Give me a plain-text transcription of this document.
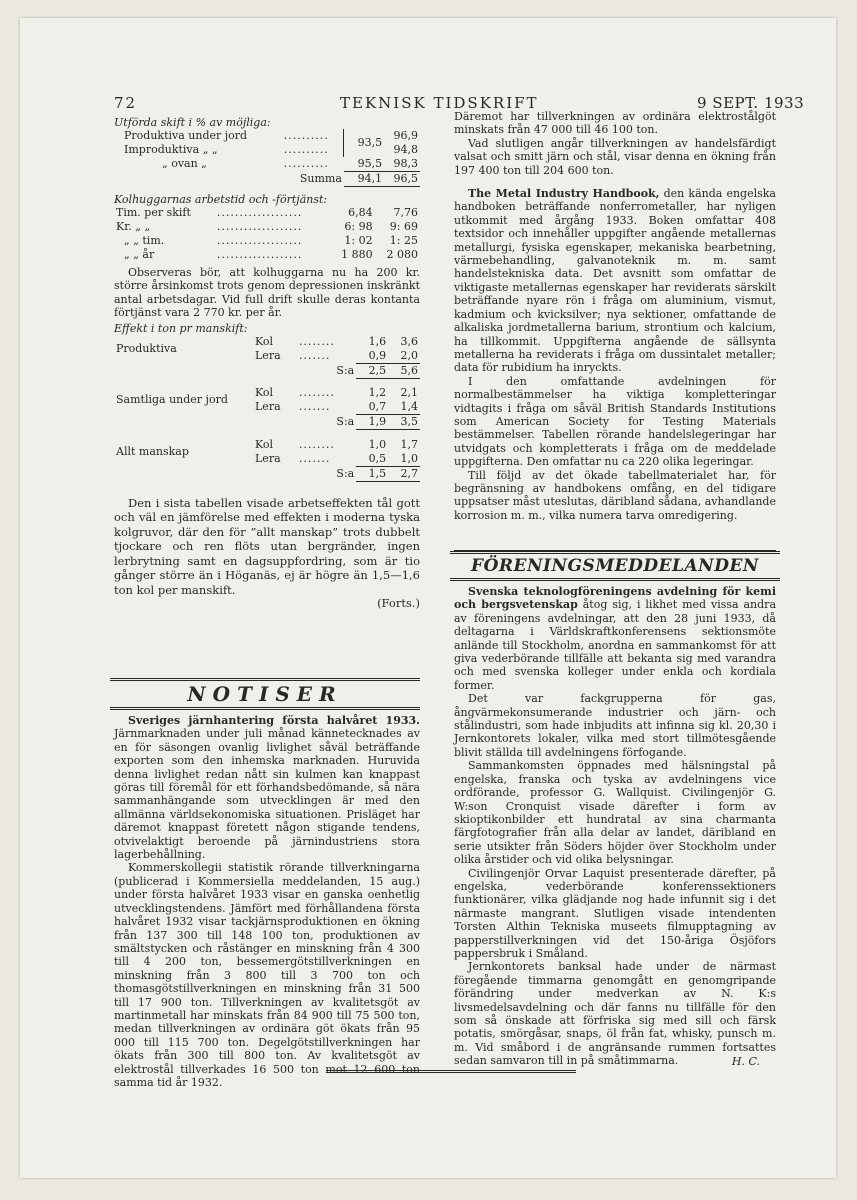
72	TEKNISK TIDSKRIFT	9 SEPT. 1933
Utförda skift i % av möjliga:
Produktiva under jord	..........	93,5	96,9
Improduktiva „ „	..........		94,8
„ ovan „	..........	95,5	98,3
	Summa	94,1	96,5
Kolhuggarnas arbetstid och -förtjänst:
Tim. per skift	...................	6,84	7,76
Kr. „ „	...................	6: 98	9: 69
„ „ tim.	...................	1: 02	1: 25
„ „ år	...................	1 880	2 080

Observeras bör, att kolhuggarna nu ha 200 kr. större årsinkomst trots genom depressionen inskränkt antal arbetsdagar. Vid full drift skulle deras kontanta förtjänst vara 2 770 kr. per år.

Effekt i ton pr manskift:
Produktiva	Kol	........	1,6	3,6
	Lera	.......	0,9	2,0
		S:a	2,5	5,6

Samtliga under jord	Kol	........	1,2	2,1
	Lera	.......	0,7	1,4
		S:a	1,9	3,5

Allt manskap	Kol	........	1,0	1,7
	Lera	.......	0,5	1,0
		S:a	1,5	2,7

Den i sista tabellen visade arbetseffekten tål gott och väl en jämförelse med effekten i moderna tyska kolgruvor, där den för ”allt manskap” trots dubbelt tjockare och ren flöts utan bergränder, ingen lerbrytning samt en dagsuppfordring, som är tio gånger större än i Höganäs, ej är högre än 1,5—1,6 ton kol per manskift.

(Forts.)
NOTISER

Sveriges järnhantering första halvåret 1933. Järnmarknaden under juli månad kännetecknades av en för säsongen ovanlig livlighet såväl beträffande exporten som den inhemska marknaden. Huruvida denna livlighet redan nått sin kulmen kan knappast göras till föremål för ett förhandsbedömande, så nära sammanhängande som utvecklingen är med den allmänna världsekonomiska situationen. Prisläget har däremot knappast företett någon stigande tendens, otvivelaktigt beroende på järnindustriens stora lagerbehållning.

Kommerskollegii statistik rörande tillverkningarna (publicerad i Kommersiella meddelanden, 15 aug.) under första halvåret 1933 visar en ganska oenhetlig utvecklingstendens. Jämfört med förhållandena första halvåret 1932 visar tackjärnsproduktionen en ökning från 137 300 till 148 100 ton, produktionen av smältstycken och råstänger en minskning från 4 300 till 4 200 ton, bessemergötstillverkningen en minskning från 3 800 till 3 700 ton och thomasgötstillverkningen en minskning från 31 500 till 17 900 ton. Tillverkningen av kvalitetsgöt av martinmetall har minskats från 84 900 till 75 500 ton, medan tillverkningen av ordinära göt ökats från 95 000 till 115 700 ton. Degelgötstillverkningen har ökats från 300 till 800 ton. Av kvalitetsgöt av elektrostål tillverkades 16 500 ton mot 12 600 ton samma tid år 1932.

Däremot har tillverkningen av ordinära elektrostålgöt minskats från 47 000 till 46 100 ton.

Vad slutligen angår tillverkningen av handelsfärdigt valsat och smitt järn och stål, visar denna en ökning från 197 400 ton till 204 600 ton.

The Metal Industry Handbook, den kända engelska handboken beträffande nonferrometaller, har nyligen utkommit med årgång 1933. Boken omfattar 408 textsidor och innehåller uppgifter angående metallernas metallurgi, fysiska egenskaper, mekaniska bearbetning, värmebehandling, galvanoteknik m. m. samt handelstekniska data. Det avsnitt som omfattar de viktigaste metallernas egenskaper har reviderats särskilt beträffande nyare rön i fråga om aluminium, vismut, kadmium och kvicksilver; nya sektioner, omfattande de alkaliska jordmetallerna barium, strontium och kalcium, ha tillkommit. Uppgifterna angående de sällsynta metallerna ha reviderats i fråga om dussintalet metaller; data för rubidium ha inryckts.

I den omfattande avdelningen för normalbestämmelser ha viktiga kompletteringar vidtagits i fråga om såväl British Standards Institutions som American Society for Testing Materials bestämmelser. Tabellen rörande handelslegeringar har utvidgats och kompletterats i fråga om de meddelade uppgifterna. Den omfattar nu ca 220 olika legeringar.

Till följd av det ökade tabellmaterialet har, för begränsning av handbokens omfång, en del tidigare uppsatser måst uteslutas, däribland sådana, avhandlande korrosion m. m., vilka numera tarva omredigering.

FÖRENINGSMEDDELANDEN

Svenska teknologföreningens avdelning för kemi och bergsvetenskap åtog sig, i likhet med vissa andra av föreningens avdelningar, att den 28 juni 1933, då deltagarna i Världskraftkonferensens sektionsmöte anlände till Stockholm, anordna en sammankomst för att giva vederbörande tillfälle att bekanta sig med varandra och med svenska kolleger under enkla och kordiala former.

Det var fackgrupperna för gas, ångvärmekonsumerande industrier och järn- och stålindustri, som hade inbjudits att infinna sig kl. 20,30 i Jernkontorets lokaler, vilka med stort tillmötesgående blivit ställda till avdelningens förfogande.

Sammankomsten öppnades med hälsningstal på engelska, franska och tyska av avdelningens vice ordförande, professor G. Wallquist. Civilingenjör G. W:son Cronquist visade därefter i form av skioptikonbilder ett hundratal av sina charmanta färgfotografier från alla delar av landet, däribland en serie utsikter från Söders höjder över Stockholm under olika årstider och vid olika belysningar.

Civilingenjör Orvar Laquist presenterade därefter, på engelska, vederbörande konferenssektioners funktionärer, vilka glädjande nog hade infunnit sig i det närmaste mangrant. Slutligen visade intendenten Torsten Althin Tekniska museets filmupptagning av papperstillverkningen vid det 150-åriga Ösjöfors pappersbruk i Småland.

Jernkontorets banksal hade under de närmast föregående timmarna genomgått en genomgripande förändring under medverkan av N. K:s livsmedelsavdelning och där fanns nu tillfälle för den som så önskade att förfriska sig med sill och färsk potatis, smörgåsar, snaps, öl från fat, whisky, punsch m. m. Vid småbord i de angränsande rummen fortsattes sedan samvaron till in på småtimmarna.	H. C.
